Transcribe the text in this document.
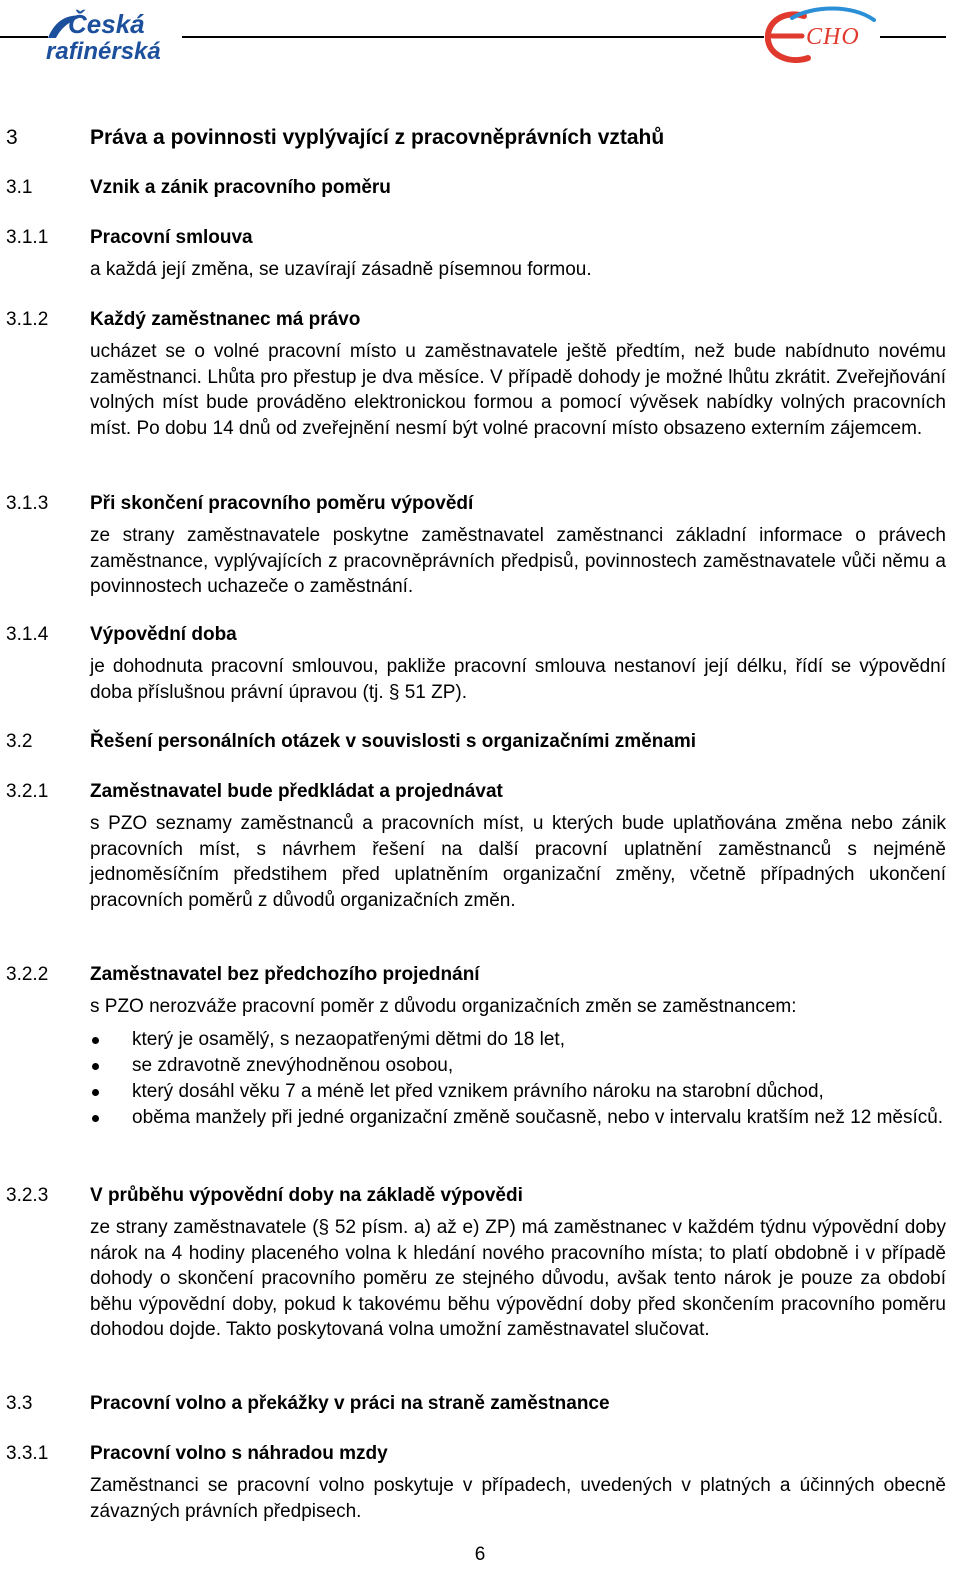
Česká
rafinérská
CHO
3	Práva a povinnosti vyplývající z pracovněprávních vztahů
3.1	Vznik a zánik pracovního poměru
3.1.1 Pracovní smlouva
a každá její změna, se uzavírají zásadně písemnou formou.
3.1.2 Každý zaměstnanec má právo
ucházet se o volné pracovní místo u zaměstnavatele ještě předtím, než bude nabídnuto novému zaměstnanci. Lhůta pro přestup je dva měsíce. V případě dohody je možné lhůtu zkrátit. Zveřejňování volných míst bude prováděno elektronickou formou a pomocí vývěsek nabídky volných pracovních míst. Po dobu 14 dnů od zveřejnění nesmí být volné pracovní místo obsazeno externím zájemcem.
3.1.3 Při skončení pracovního poměru výpovědí
ze strany zaměstnavatele poskytne zaměstnavatel zaměstnanci základní informace o právech zaměstnance, vyplývajících z pracovněprávních předpisů, povinnostech zaměstnavatele vůči němu a povinnostech uchazeče o zaměstnání.
3.1.4 Výpovědní doba
je dohodnuta pracovní smlouvou, pakliže pracovní smlouva nestanoví její délku, řídí se výpovědní doba příslušnou právní úpravou (tj. § 51 ZP).
3.2	Řešení personálních otázek v souvislosti s organizačními změnami
3.2.1 Zaměstnavatel bude předkládat a projednávat
s PZO seznamy zaměstnanců a pracovních míst, u kterých bude uplatňována změna nebo zánik pracovních míst, s návrhem řešení na další pracovní uplatnění zaměstnanců s nejméně jednoměsíčním předstihem před uplatněním organizační změny, včetně případných ukončení pracovních poměrů z důvodů organizačních změn.
3.2.2 Zaměstnavatel bez předchozího projednání
s PZO nerozváže pracovní poměr z důvodu organizačních změn se zaměstnancem:
který je osamělý, s nezaopatřenými dětmi do 18 let,
se zdravotně znevýhodněnou osobou,
který dosáhl věku 7 a méně let před vznikem právního nároku na starobní důchod,
oběma manžely při jedné organizační změně současně, nebo v intervalu kratším než 12 měsíců.
3.2.3 V průběhu výpovědní doby na základě výpovědi
ze strany zaměstnavatele (§ 52 písm. a) až e) ZP) má zaměstnanec v každém týdnu výpovědní doby nárok na 4 hodiny placeného volna k hledání nového pracovního místa; to platí obdobně i v případě dohody o skončení pracovního poměru ze stejného důvodu, avšak tento nárok je pouze za období běhu výpovědní doby, pokud k takovému běhu výpovědní doby před skončením pracovního poměru dohodou dojde. Takto poskytovaná volna umožní zaměstnavatel slučovat.
3.3	Pracovní volno a překážky v práci na straně zaměstnance
3.3.1 Pracovní volno s náhradou mzdy
Zaměstnanci se pracovní volno poskytuje v případech, uvedených v platných a účinných obecně závazných právních předpisech.
6
